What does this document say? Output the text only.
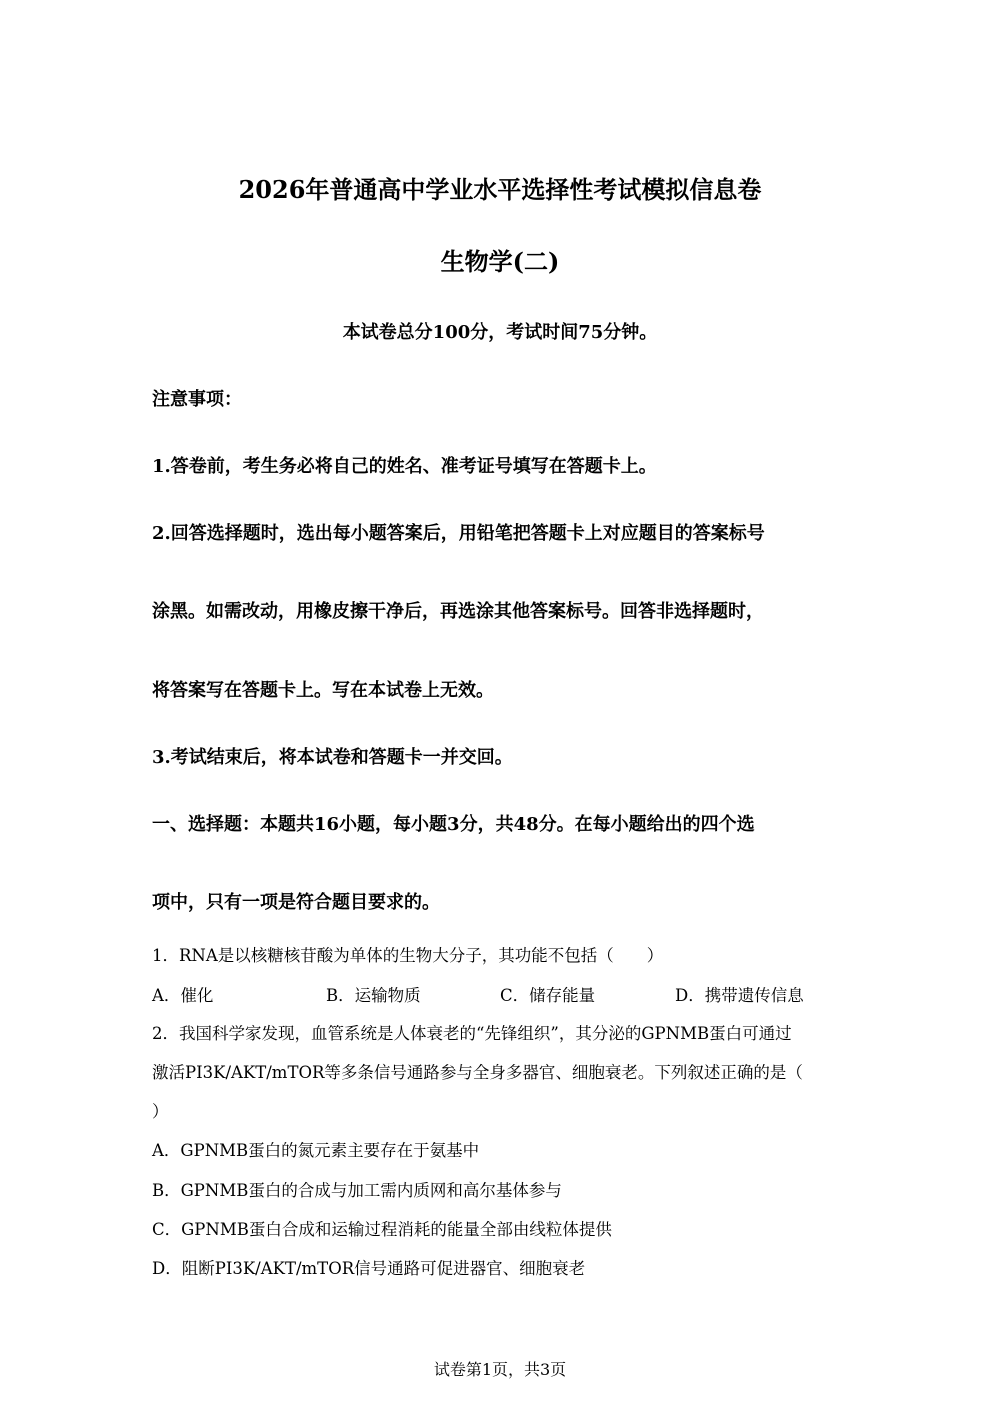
2026年普通高中学业水平选择性考试模拟信息卷
生物学(二)
本试卷总分100分，考试时间75分钟。
注意事项：
1.答卷前，考生务必将自己的姓名、准考证号填写在答题卡上。
2.回答选择题时，选出每小题答案后，用铅笔把答题卡上对应题目的答案标号
涂黑。如需改动，用橡皮擦干净后，再选涂其他答案标号。回答非选择题时，
将答案写在答题卡上。写在本试卷上无效。
3.考试结束后，将本试卷和答题卡一并交回。
一、选择题：本题共16小题，每小题3分，共48分。在每小题给出的四个选
项中，只有一项是符合题目要求的。
1．RNA是以核糖核苷酸为单体的生物大分子，其功能不包括（　　）
A．催化	B．运输物质	C．储存能量	D．携带遗传信息
2．我国科学家发现，血管系统是人体衰老的“先锋组织”，其分泌的GPNMB蛋白可通过
激活PI3K/AKT/mTOR等多条信号通路参与全身多器官、细胞衰老。下列叙述正确的是（
）
A．GPNMB蛋白的氮元素主要存在于氨基中
B．GPNMB蛋白的合成与加工需内质网和高尔基体参与
C．GPNMB蛋白合成和运输过程消耗的能量全部由线粒体提供
D．阻断PI3K/AKT/mTOR信号通路可促进器官、细胞衰老
试卷第1页，共3页
